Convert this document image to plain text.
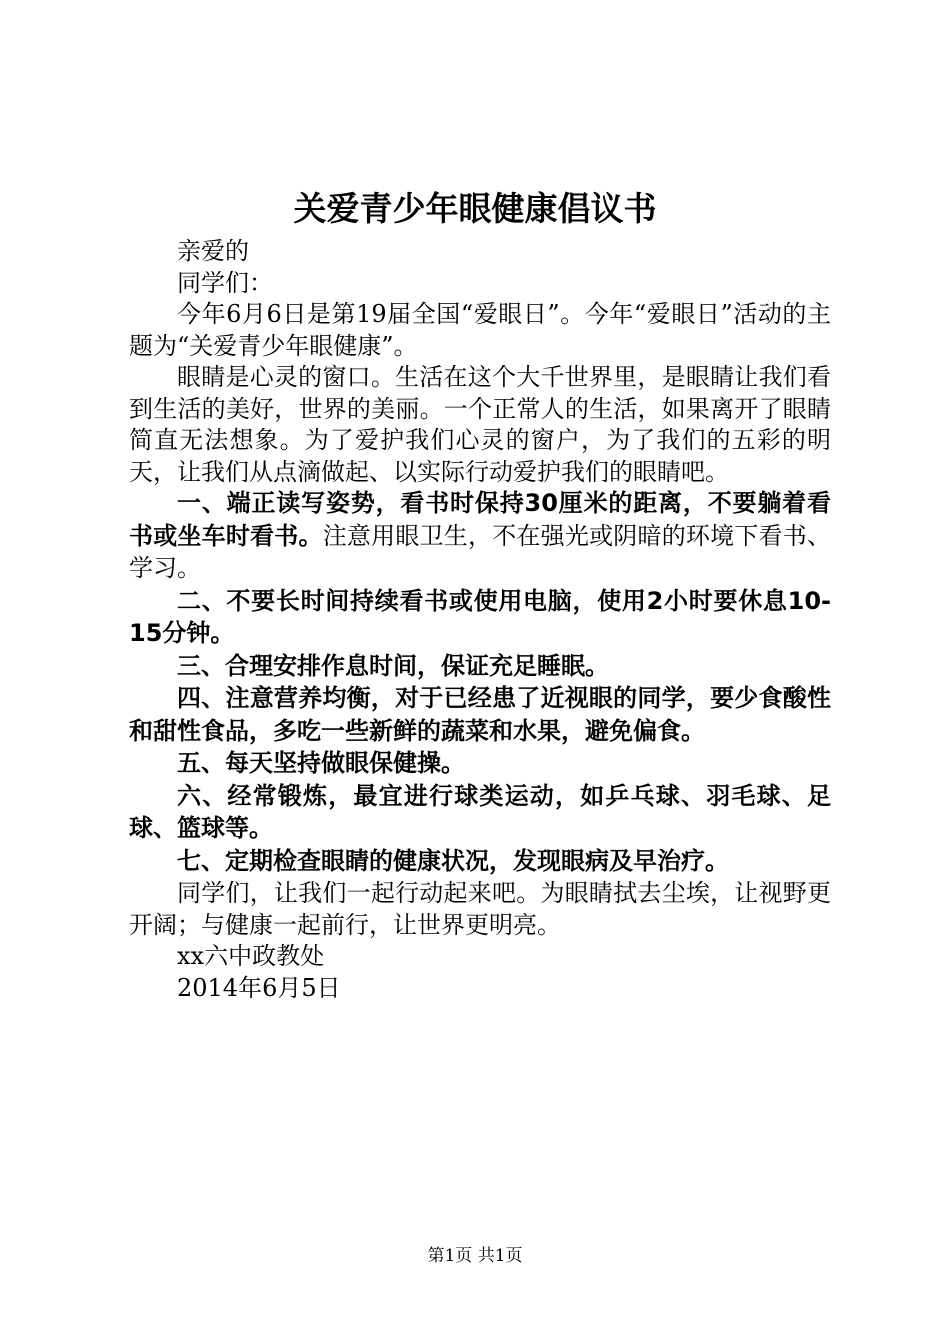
关爱青少年眼健康倡议书

亲爱的

同学们：

今年6月6日是第19届全国“爱眼日”。今年“爱眼日”活动的主题为“关爱青少年眼健康”。

眼睛是心灵的窗口。生活在这个大千世界里，是眼睛让我们看到生活的美好，世界的美丽。一个正常人的生活，如果离开了眼睛简直无法想象。为了爱护我们心灵的窗户，为了我们的五彩的明天，让我们从点滴做起、以实际行动爱护我们的眼睛吧。

一、端正读写姿势，看书时保持30厘米的距离，不要躺着看书或坐车时看书。注意用眼卫生，不在强光或阴暗的环境下看书、学习。

二、不要长时间持续看书或使用电脑，使用2小时要休息10-15分钟。

三、合理安排作息时间，保证充足睡眠。

四、注意营养均衡，对于已经患了近视眼的同学，要少食酸性和甜性食品，多吃一些新鲜的蔬菜和水果，避免偏食。

五、每天坚持做眼保健操。

六、经常锻炼，最宜进行球类运动，如乒乓球、羽毛球、足球、篮球等。

七、定期检查眼睛的健康状况，发现眼病及早治疗。

同学们，让我们一起行动起来吧。为眼睛拭去尘埃，让视野更开阔；与健康一起前行，让世界更明亮。

xx六中政教处

2014年6月5日

第1页 共1页
